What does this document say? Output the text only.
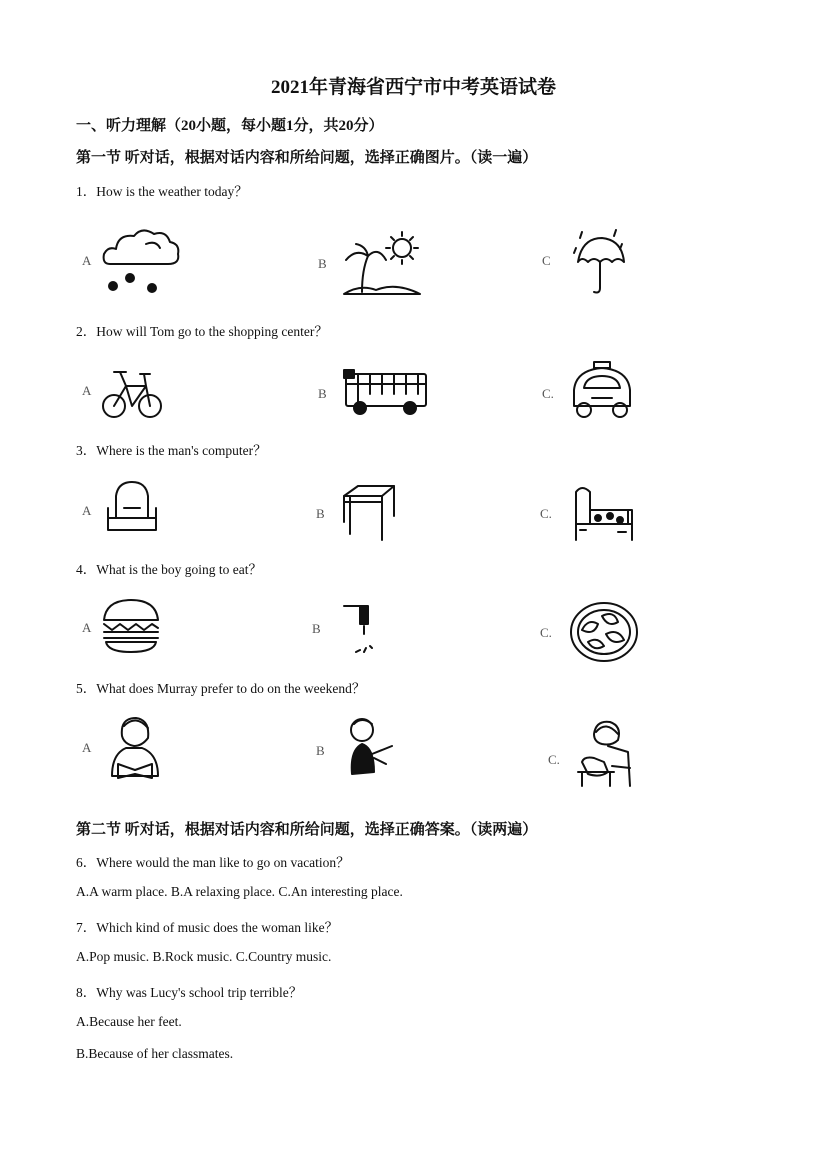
2021年青海省西宁市中考英语试卷
一、听力理解（20小题，每小题1分，共20分）
第一节 听对话，根据对话内容和所给问题，选择正确图片。（读一遍）
1．How is the weather today？
A	B	C
2．How will Tom go to the shopping center？
A	B	C.
3．Where is the man's computer？
A	B	C.
4．What is the boy going to eat？
A	B	C.
5．What does Murray prefer to do on the weekend？
A	B
C.
第二节 听对话，根据对话内容和所给问题，选择正确答案。（读两遍）
6．Where would the man like to go on vacation？
A.A warm place. B.A relaxing place. C.An interesting place.
7．Which kind of music does the woman like？
A.Pop music. B.Rock music. C.Country music.
8．Why was Lucy's school trip terrible？
A.Because her feet.
B.Because of her classmates.
